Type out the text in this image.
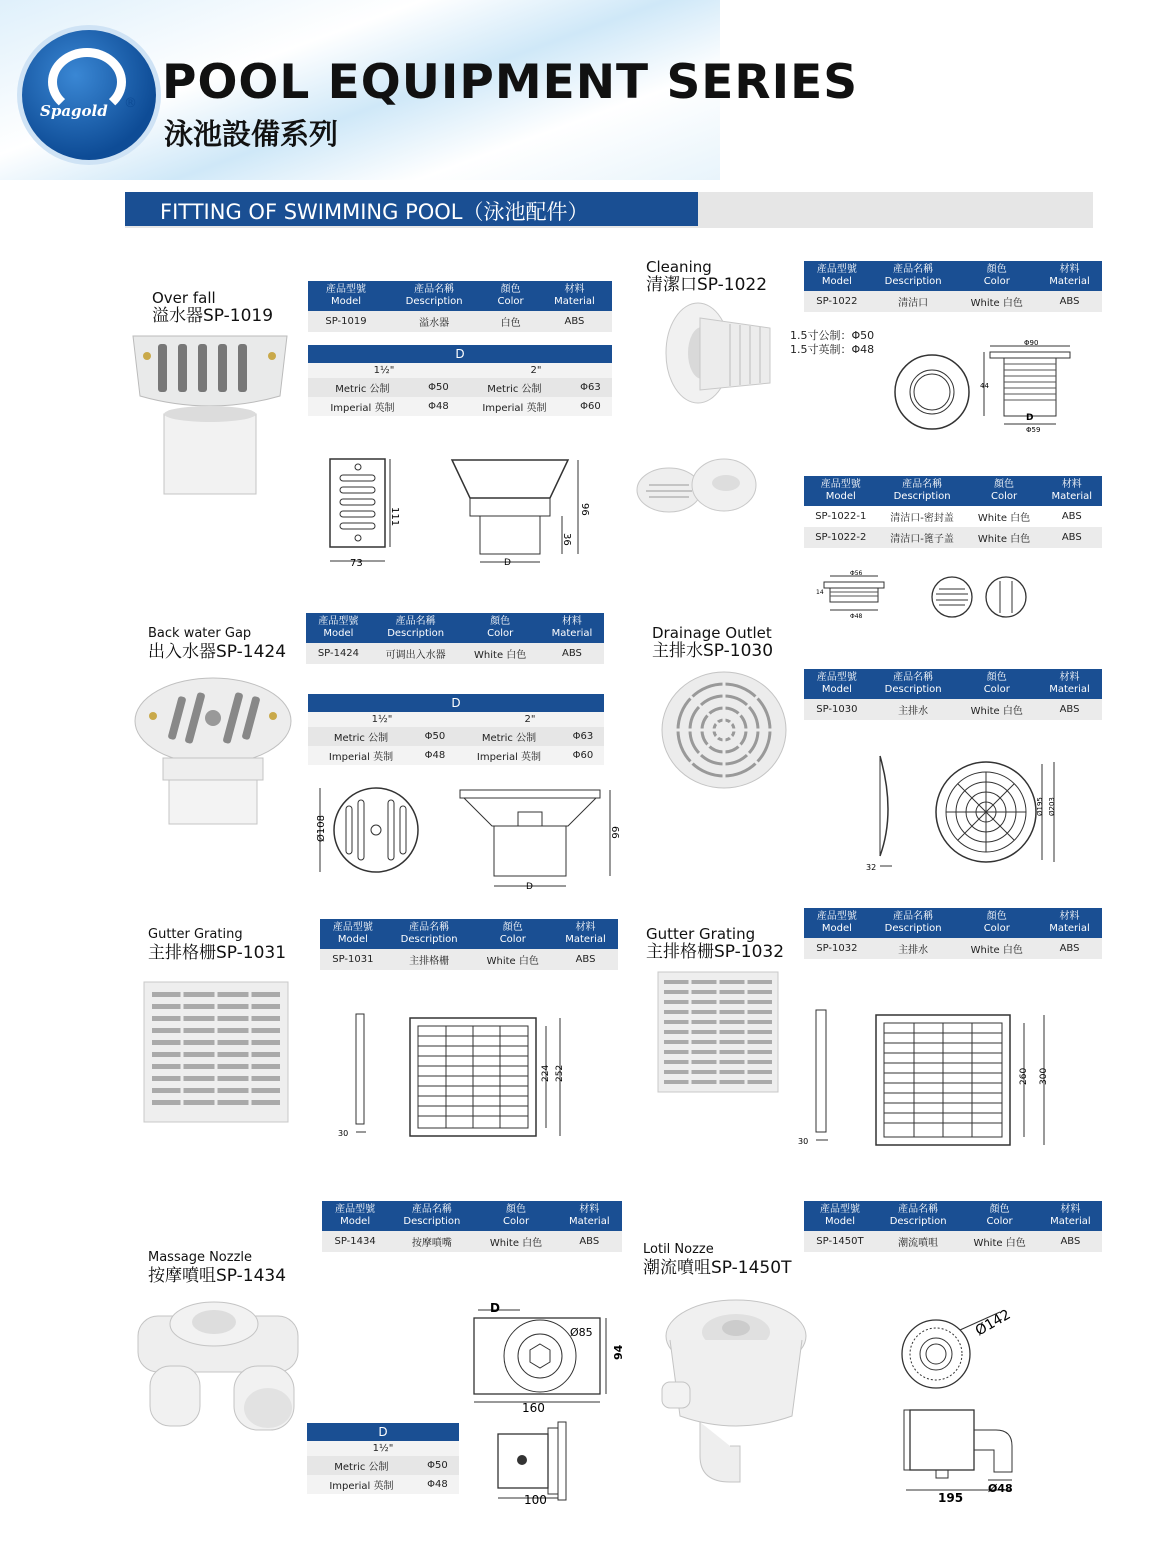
Spagold ® POOL EQUIPMENT SERIES
泳池設備系列
FITTING OF SWIMMING POOL（泳池配件）
Over fall
溢水器SP-1019
產品型號
Model	產品名稱
Description	顏色
Color	材料
Material
SP-1019	溢水器	白色	ABS
D			
1½"		2"	
Metric 公制	Φ50	Metric 公制	Φ63
Imperial 英制	Φ48	Imperial 英制	Φ60
111
73
96
36
D
Cleaning
清潔口SP-1022
產品型號
Model	產品名稱
Description	顏色
Color	材料
Material
SP-1022	清洁口	White 白色	ABS
1.5寸公制：Φ50
1.5寸英制：Φ48	Φ90
44
D
Φ59
產品型號
Model	產品名稱
Description	顏色
Color	材料
Material
SP-1022-1	清洁口-密封盖	White 白色	ABS
SP-1022-2	清洁口-篦子盖	White 白色	ABS
Φ56
14
Φ48
Back water Gap
出入水器SP-1424
產品型號
Model	產品名稱
Description	顏色
Color	材料
Material
SP-1424	可调出入水器	White 白色	ABS
D			
1½"		2"	
Metric 公制	Φ50	Metric 公制	Φ63
Imperial 英制	Φ48	Imperial 英制	Φ60
Ø108	66
D
Drainage Outlet
主排水SP-1030
產品型號
Model	產品名稱
Description	顏色
Color	材料
Material
SP-1030	主排水	White 白色	ABS
32
Ø195 Ø203
Gutter Grating
主排格栅SP-1031
產品型號
Model	產品名稱
Description	顏色
Color	材料
Material
SP-1031	主排格栅	White 白色	ABS
30
224 252
Gutter Grating
主排格栅SP-1032
產品型號
Model	產品名稱
Description	顏色
Color	材料
Material
SP-1032	主排水	White 白色	ABS
30
260 300
Massage Nozzle
按摩噴咀SP-1434
產品型號
Model	產品名稱
Description	顏色
Color	材料
Material
SP-1434	按摩噴嘴	White 白色	ABS
D	
1½"	
Metric 公制	Φ50
Imperial 英制	Φ48
D
Ø85
94
160
100
Lotil Nozze
潮流噴咀SP-1450T
產品型號
Model	產品名稱
Description	顏色
Color	材料
Material
SP-1450T	潮流噴咀	White 白色	ABS
Ø142
195
Ø48
